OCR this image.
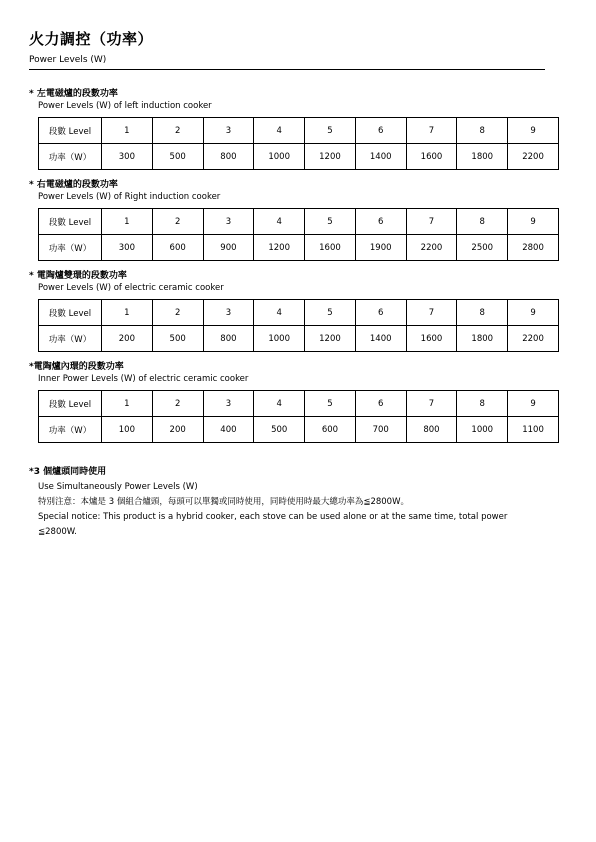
火力調控（功率）
Power Levels (W)
* 左電磁爐的段數功率
Power Levels (W) of left induction cooker
段數 Level	1	2	3	4	5	6	7	8	9
功率（W）	300	500	800	1000	1200	1400	1600	1800	2200
* 右電磁爐的段數功率
Power Levels (W) of Right induction cooker
段數 Level	1	2	3	4	5	6	7	8	9
功率（W）	300	600	900	1200	1600	1900	2200	2500	2800
* 電陶爐雙環的段數功率
Power Levels (W) of electric ceramic cooker
段數 Level	1	2	3	4	5	6	7	8	9
功率（W）	200	500	800	1000	1200	1400	1600	1800	2200
*電陶爐內環的段數功率
Inner Power Levels (W) of electric ceramic cooker
段數 Level	1	2	3	4	5	6	7	8	9
功率（W）	100	200	400	500	600	700	800	1000	1100
*3 個爐頭同時使用
Use Simultaneously Power Levels (W)
特別注意：本爐是 3 個組合爐頭，每頭可以單獨或同時使用，同時使用時最大總功率為≦2800W。
Special notice: This product is a hybrid cooker, each stove can be used alone or at the same time, total power ≦2800W.
